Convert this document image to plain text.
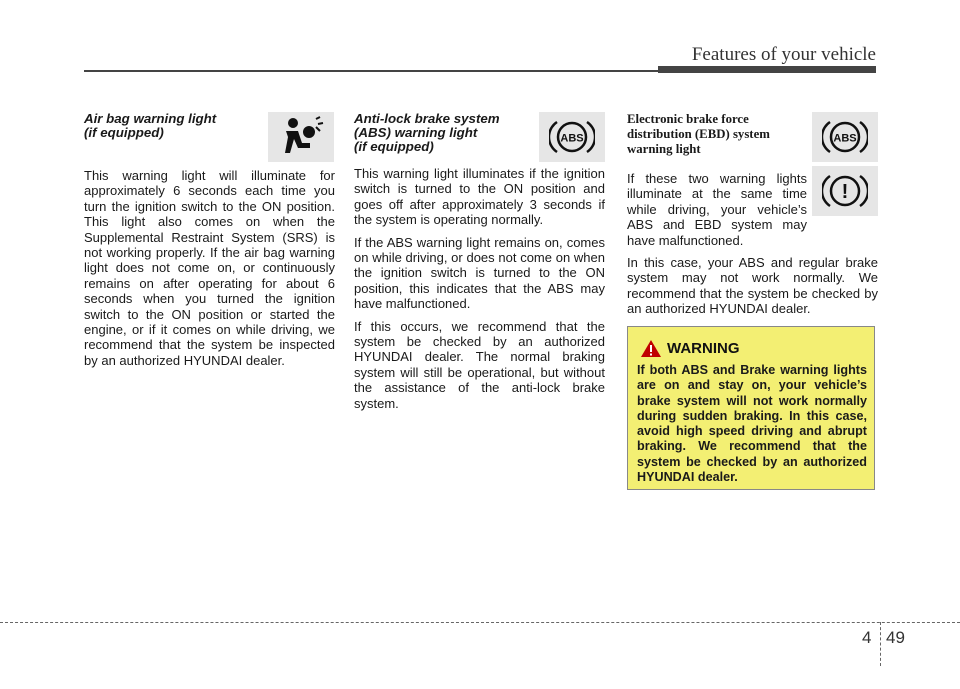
Features of your vehicle
Air bag warning light
(if equipped)

This warning light will illuminate for approximately 6 seconds each time you turn the ignition switch to the ON position. This light also comes on when the Supplemental Restraint System (SRS) is not working properly. If the air bag warning light does not come on, or continuously remains on after operating for about 6 seconds when you turned the ignition switch to the ON position or started the engine, or if it comes on while driving, we recommend that the system be inspected by an authorized HYUNDAI dealer.

Anti-lock brake system
(ABS) warning light
(if equipped)

This warning light illuminates if the ignition switch is turned to the ON position and goes off after approximately 3 seconds if the system is operating normally.

If the ABS warning light remains on, comes on while driving, or does not come on when the ignition switch is turned to the ON position, this indicates that the ABS may have malfunctioned.

If this occurs, we recommend that the system be checked by an authorized HYUNDAI dealer. The normal braking system will still be operational, but without the assistance of the anti-lock brake system.

ABS
Electronic brake force distribution (EBD) system warning light

If these two warning lights illuminate at the same time while driving, your vehicle’s ABS and EBD system may have malfunctioned.

In this case, your ABS and regular brake system may not work normally. We recommend that the system be checked by an authorized HYUNDAI dealer.

ABS
!
WARNING
If both ABS and Brake warning lights are on and stay on, your vehicle’s brake system will not work normally during sudden braking. In this case, avoid high speed driving and abrupt braking. We recommend that the system be checked by an authorized HYUNDAI dealer.
4 49
